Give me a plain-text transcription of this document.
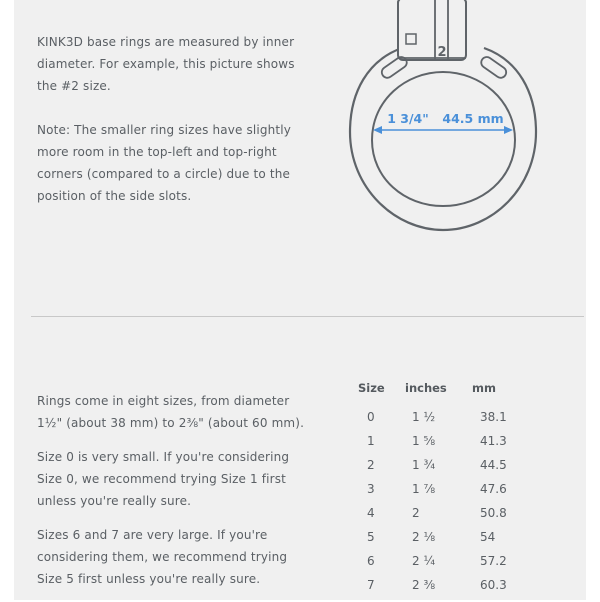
KINK3D base rings are measured by inner
diameter. For example, this picture shows
the #2 size.
Note: The smaller ring sizes have slightly
more room in the top-left and top-right
corners (compared to a circle) due to the
position of the side slots.
2
1 3/4" 44.5 mm
Rings come in eight sizes, from diameter
1½" (about 38 mm) to 2⅜" (about 60 mm).
Size 0 is very small. If you're considering
Size 0, we recommend trying Size 1 first
unless you're really sure.
Sizes 6 and 7 are very large. If you're
considering them, we recommend trying
Size 5 first unless you're really sure.
Size inches mm
0	1 ½	38.1
1	1 ⅝	41.3
2	1 ¾	44.5
3	1 ⅞	47.6
4	2	50.8
5	2 ⅛	54
6	2 ¼	57.2
7	2 ⅜	60.3
